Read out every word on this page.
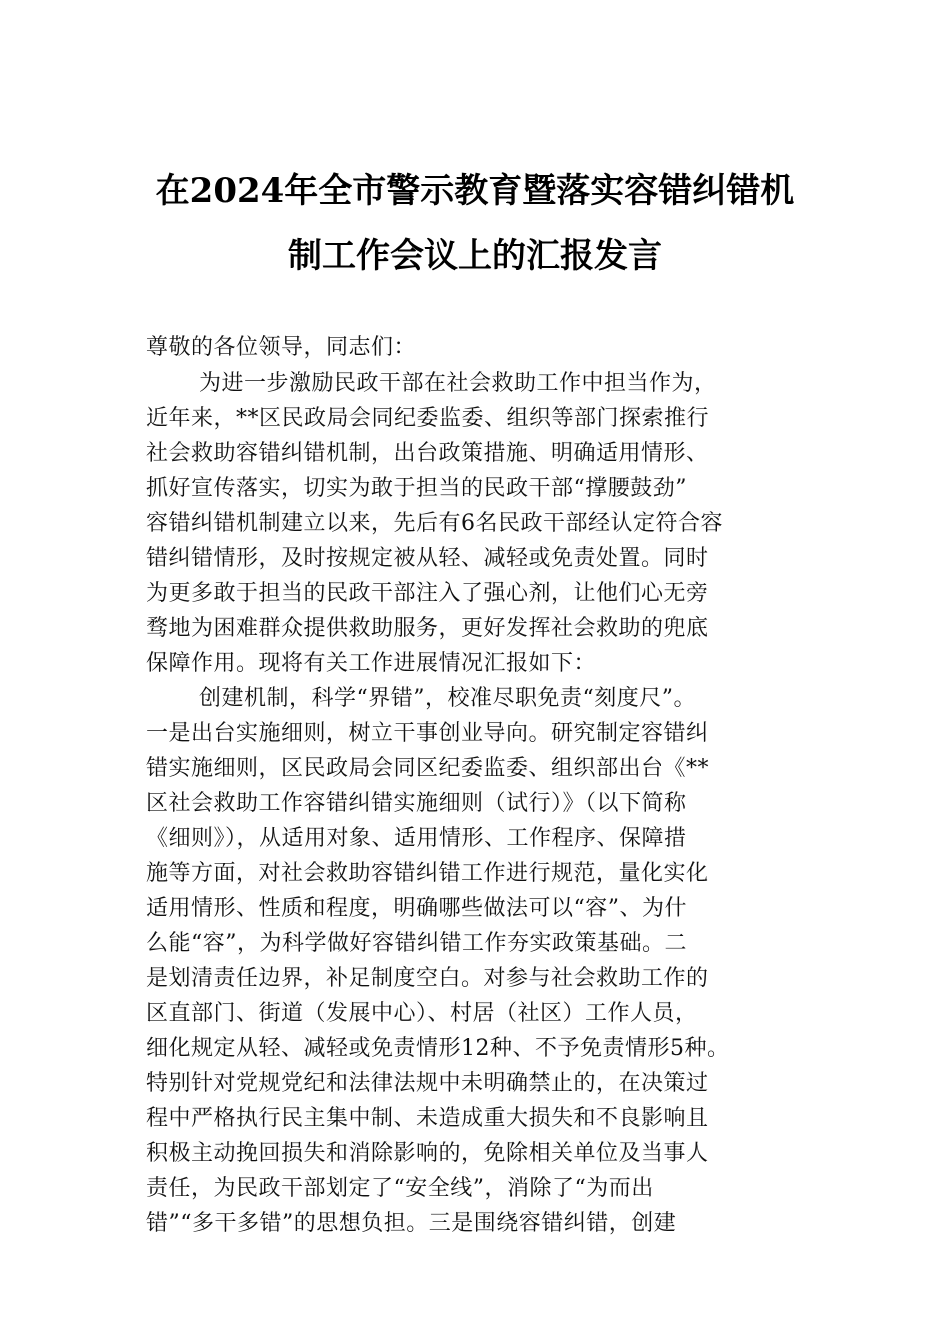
在2024年全市警示教育暨落实容错纠错机
制工作会议上的汇报发言
尊敬的各位领导，同志们：
为进一步激励民政干部在社会救助工作中担当作为，
近年来，**区民政局会同纪委监委、组织等部门探索推行
社会救助容错纠错机制，出台政策措施、明确适用情形、
抓好宣传落实，切实为敢于担当的民政干部“撑腰鼓劲”
容错纠错机制建立以来，先后有6名民政干部经认定符合容
错纠错情形，及时按规定被从轻、减轻或免责处置。同时
为更多敢于担当的民政干部注入了强心剂，让他们心无旁
骛地为困难群众提供救助服务，更好发挥社会救助的兜底
保障作用。现将有关工作进展情况汇报如下：
创建机制，科学“界错”，校准尽职免责“刻度尺”。
一是出台实施细则，树立干事创业导向。研究制定容错纠
错实施细则，区民政局会同区纪委监委、组织部出台《**
区社会救助工作容错纠错实施细则（试行）》（以下简称
《细则》），从适用对象、适用情形、工作程序、保障措
施等方面，对社会救助容错纠错工作进行规范，量化实化
适用情形、性质和程度，明确哪些做法可以“容”、为什
么能“容”，为科学做好容错纠错工作夯实政策基础。二
是划清责任边界，补足制度空白。对参与社会救助工作的
区直部门、街道（发展中心）、村居（社区）工作人员，
细化规定从轻、减轻或免责情形12种、不予免责情形5种。
特别针对党规党纪和法律法规中未明确禁止的，在决策过
程中严格执行民主集中制、未造成重大损失和不良影响且
积极主动挽回损失和消除影响的，免除相关单位及当事人
责任，为民政干部划定了“安全线”，消除了“为而出
错”“多干多错”的思想负担。三是围绕容错纠错，创建
